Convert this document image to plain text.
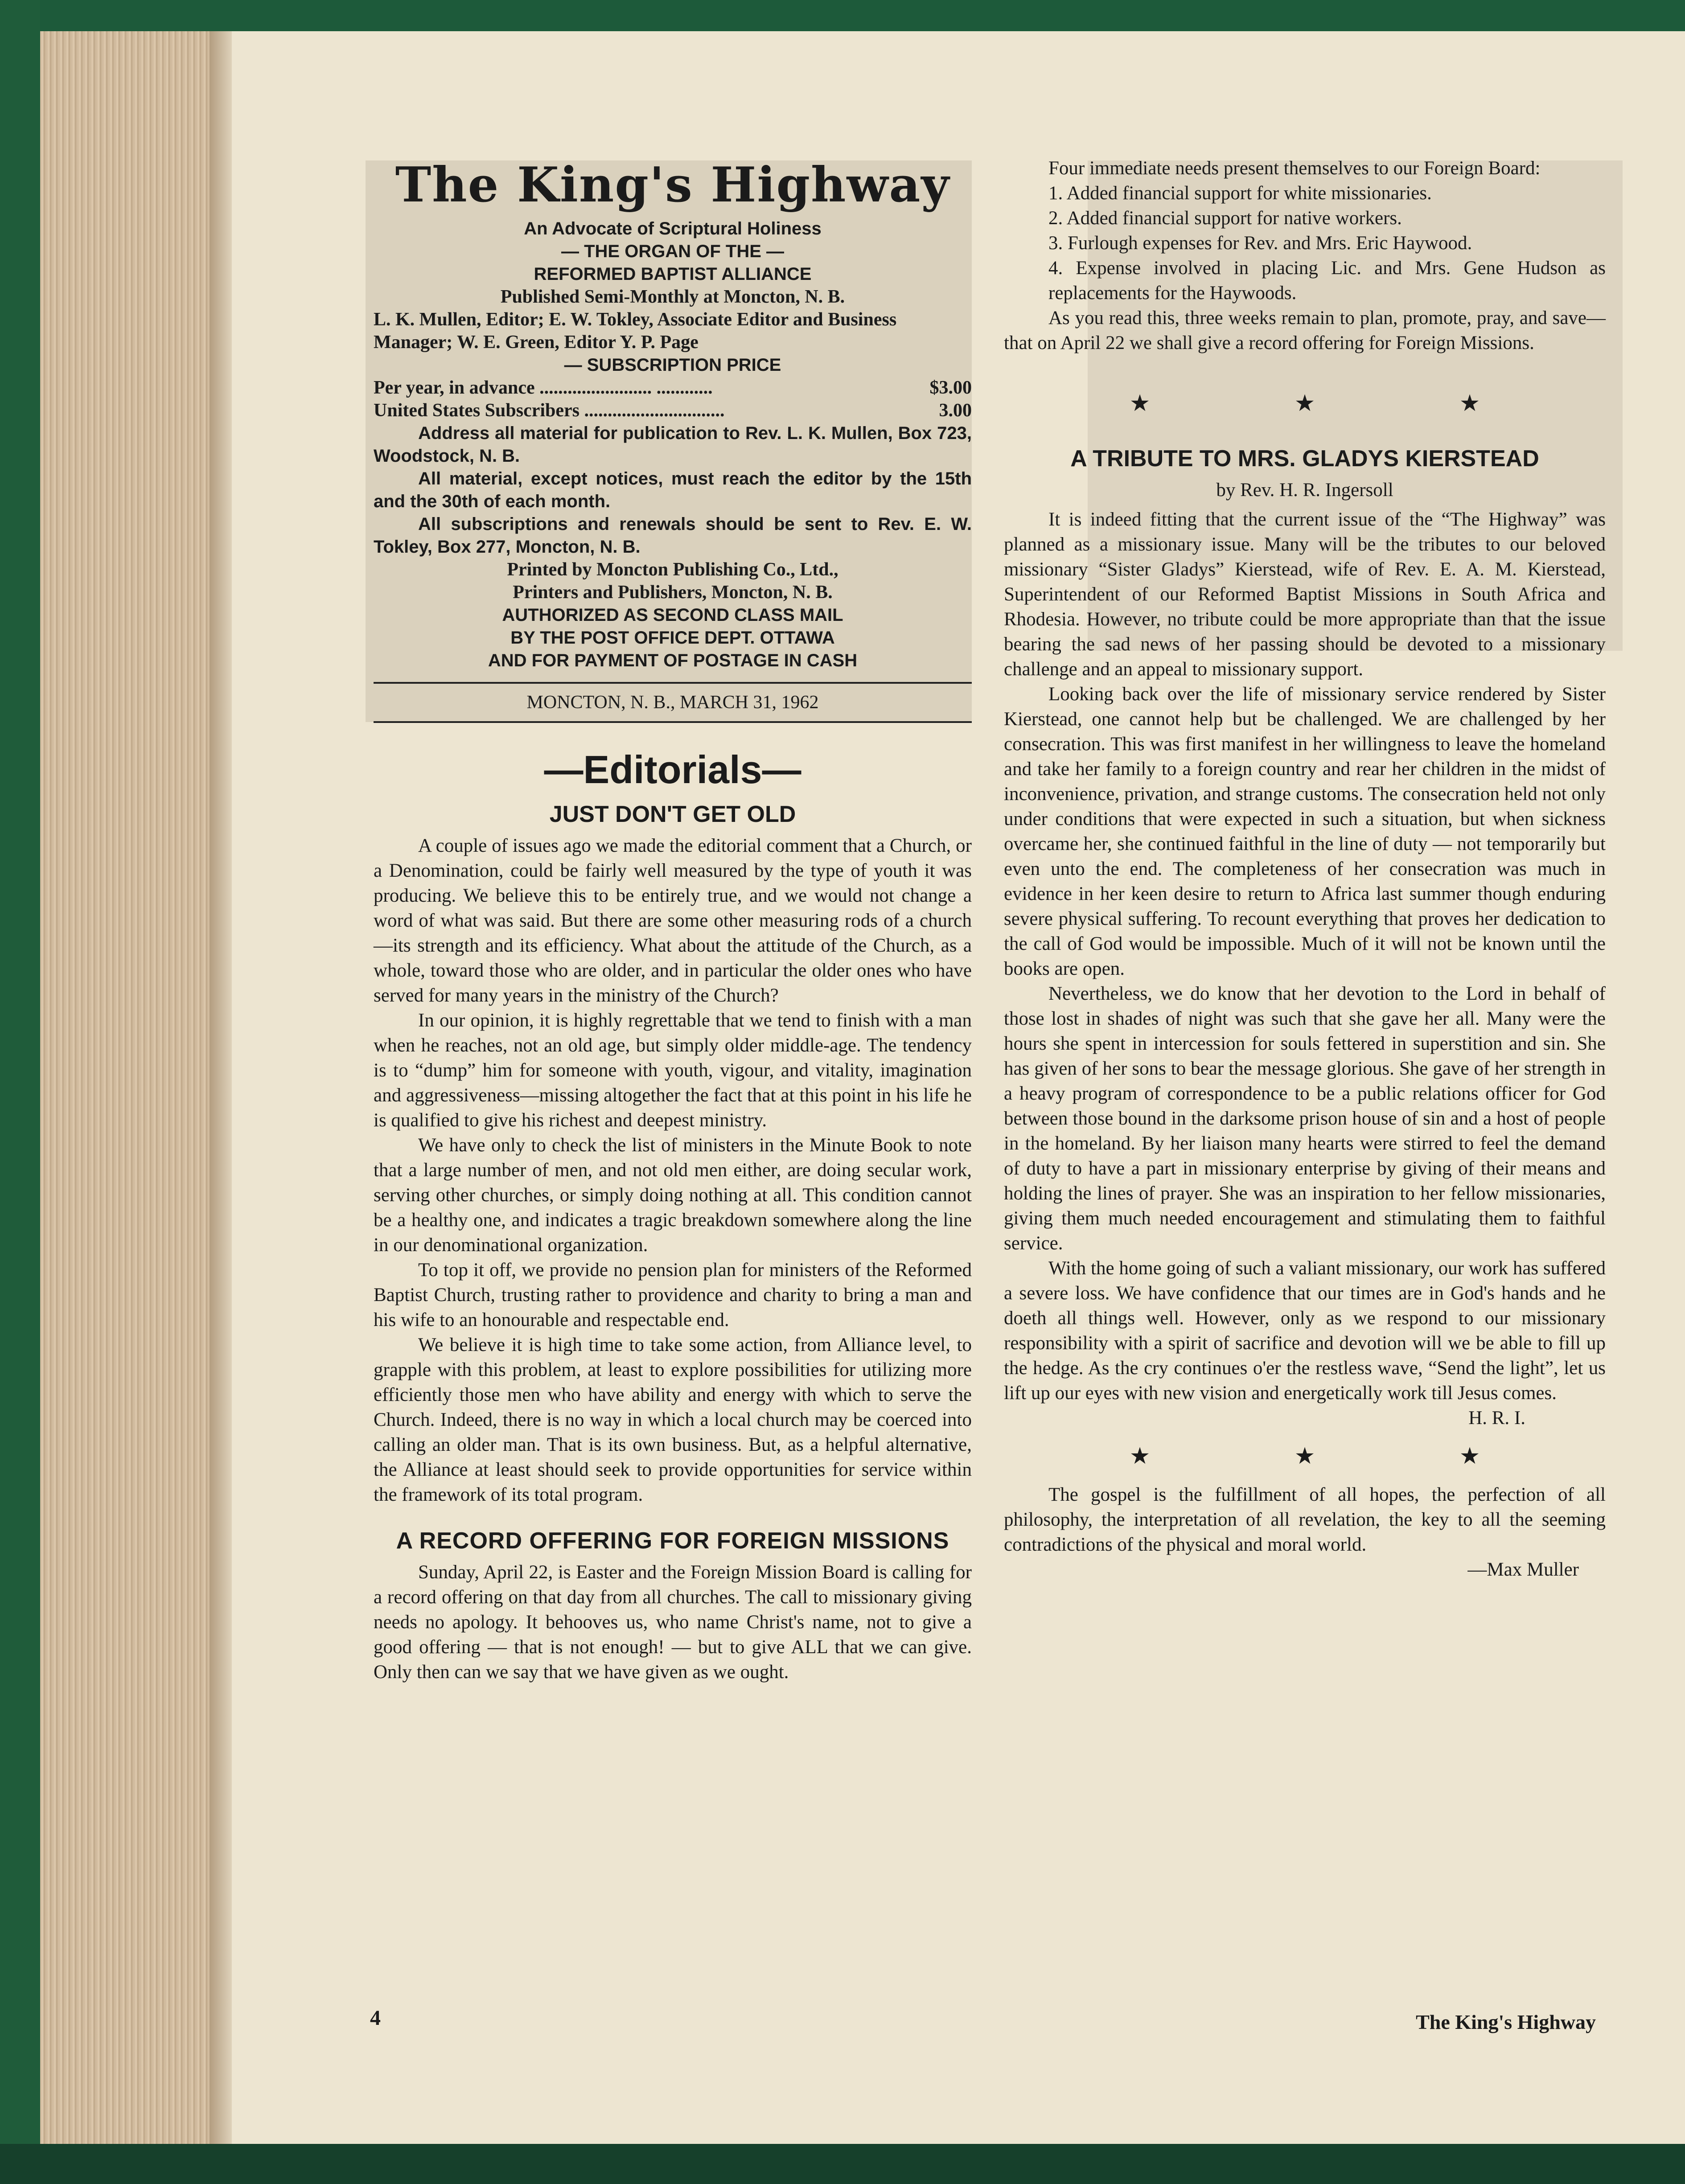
The King's Highway
An Advocate of Scriptural Holiness
— THE ORGAN OF THE —
REFORMED BAPTIST ALLIANCE
Published Semi-Monthly at Moncton, N. B.
L. K. Mullen, Editor; E. W. Tokley, Associate Editor and Business Manager; W. E. Green, Editor Y. P. Page
— SUBSCRIPTION PRICE
Per year, in advance ........................ ............	$3.00
United States Subscribers ..............................	3.00
Address all material for publication to Rev. L. K. Mullen, Box 723, Woodstock, N. B.
All material, except notices, must reach the editor by the 15th and the 30th of each month.
All subscriptions and renewals should be sent to Rev. E. W. Tokley, Box 277, Moncton, N. B.
Printed by Moncton Publishing Co., Ltd.,
Printers and Publishers, Moncton, N. B.
AUTHORIZED AS SECOND CLASS MAIL
BY THE POST OFFICE DEPT. OTTAWA
AND FOR PAYMENT OF POSTAGE IN CASH
MONCTON, N. B., MARCH 31, 1962
—Editorials—
JUST DON'T GET OLD

A couple of issues ago we made the editorial comment that a Church, or a Denomination, could be fairly well measured by the type of youth it was producing. We believe this to be entirely true, and we would not change a word of what was said. But there are some other measuring rods of a church—its strength and its efficiency. What about the attitude of the Church, as a whole, toward those who are older, and in particular the older ones who have served for many years in the ministry of the Church?

In our opinion, it is highly regrettable that we tend to finish with a man when he reaches, not an old age, but simply older middle-age. The tendency is to “dump” him for someone with youth, vigour, and vitality, imagination and aggressiveness—missing altogether the fact that at this point in his life he is qualified to give his richest and deepest ministry.

We have only to check the list of ministers in the Minute Book to note that a large number of men, and not old men either, are doing secular work, serving other churches, or simply doing nothing at all. This condition cannot be a healthy one, and indicates a tragic breakdown somewhere along the line in our denominational organization.

To top it off, we provide no pension plan for ministers of the Reformed Baptist Church, trusting rather to providence and charity to bring a man and his wife to an honourable and respectable end.

We believe it is high time to take some action, from Alliance level, to grapple with this problem, at least to explore possibilities for utilizing more efficiently those men who have ability and energy with which to serve the Church. Indeed, there is no way in which a local church may be coerced into calling an older man. That is its own business. But, as a helpful alternative, the Alliance at least should seek to provide opportunities for service within the framework of its total program.

A RECORD OFFERING FOR FOREIGN MISSIONS

Sunday, April 22, is Easter and the Foreign Mission Board is calling for a record offering on that day from all churches. The call to missionary giving needs no apology. It behooves us, who name Christ's name, not to give a good offering — that is not enough! — but to give ALL that we can give. Only then can we say that we have given as we ought.

Four immediate needs present themselves to our Foreign Board:

1. Added financial support for white missionaries.
2. Added financial support for native workers.
3. Furlough expenses for Rev. and Mrs. Eric Haywood.
4. Expense involved in placing Lic. and Mrs. Gene Hudson as replacements for the Haywoods.

As you read this, three weeks remain to plan, promote, pray, and save—that on April 22 we shall give a record offering for Foreign Missions.

★	★	★
A TRIBUTE TO MRS. GLADYS KIERSTEAD
by Rev. H. R. Ingersoll

It is indeed fitting that the current issue of the “The Highway” was planned as a missionary issue. Many will be the tributes to our beloved missionary “Sister Gladys” Kierstead, wife of Rev. E. A. M. Kierstead, Superintendent of our Reformed Baptist Missions in South Africa and Rhodesia. However, no tribute could be more appropriate than that the issue bearing the sad news of her passing should be devoted to a missionary challenge and an appeal to missionary support.

Looking back over the life of missionary service rendered by Sister Kierstead, one cannot help but be challenged. We are challenged by her consecration. This was first manifest in her willingness to leave the homeland and take her family to a foreign country and rear her children in the midst of inconvenience, privation, and strange customs. The consecration held not only under conditions that were expected in such a situation, but when sickness overcame her, she continued faithful in the line of duty — not temporarily but even unto the end. The completeness of her consecration was much in evidence in her keen desire to return to Africa last summer though enduring severe physical suffering. To recount everything that proves her dedication to the call of God would be impossible. Much of it will not be known until the books are open.

Nevertheless, we do know that her devotion to the Lord in behalf of those lost in shades of night was such that she gave her all. Many were the hours she spent in intercession for souls fettered in superstition and sin. She has given of her sons to bear the message glorious. She gave of her strength in a heavy program of correspondence to be a public relations officer for God between those bound in the darksome prison house of sin and a host of people in the homeland. By her liaison many hearts were stirred to feel the demand of duty to have a part in missionary enterprise by giving of their means and holding the lines of prayer. She was an inspiration to her fellow missionaries, giving them much needed encouragement and stimulating them to faithful service.

With the home going of such a valiant missionary, our work has suffered a severe loss. We have confidence that our times are in God's hands and he doeth all things well. However, only as we respond to our missionary responsibility with a spirit of sacrifice and devotion will we be able to fill up the hedge. As the cry continues o'er the restless wave, “Send the light”, let us lift up our eyes with new vision and energetically work till Jesus comes.

H. R. I.
★	★	★

The gospel is the fulfillment of all hopes, the perfection of all philosophy, the interpretation of all revelation, the key to all the seeming contradictions of the physical and moral world.

—Max Muller
4	The King's Highway
